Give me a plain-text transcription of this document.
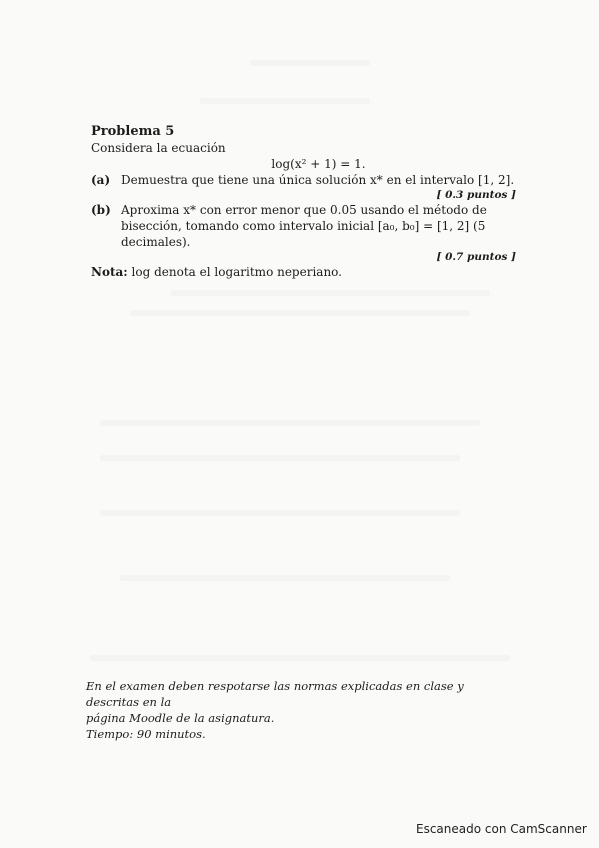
Problema 5
Considera la ecuación
log(x² + 1) = 1.
(a) Demuestra que tiene una única solución x* en el intervalo [1, 2].
[ 0.3 puntos ]
(b) Aproxima x* con error menor que 0.05 usando el método de bisección, tomando como intervalo inicial [a₀, b₀] = [1, 2] (5 decimales).
[ 0.7 puntos ]
Nota: log denota el logaritmo neperiano.
En el examen deben respotarse las normas explicadas en clase y descritas en la
página Moodle de la asignatura.
Tiempo: 90 minutos.
Escaneado con CamScanner
